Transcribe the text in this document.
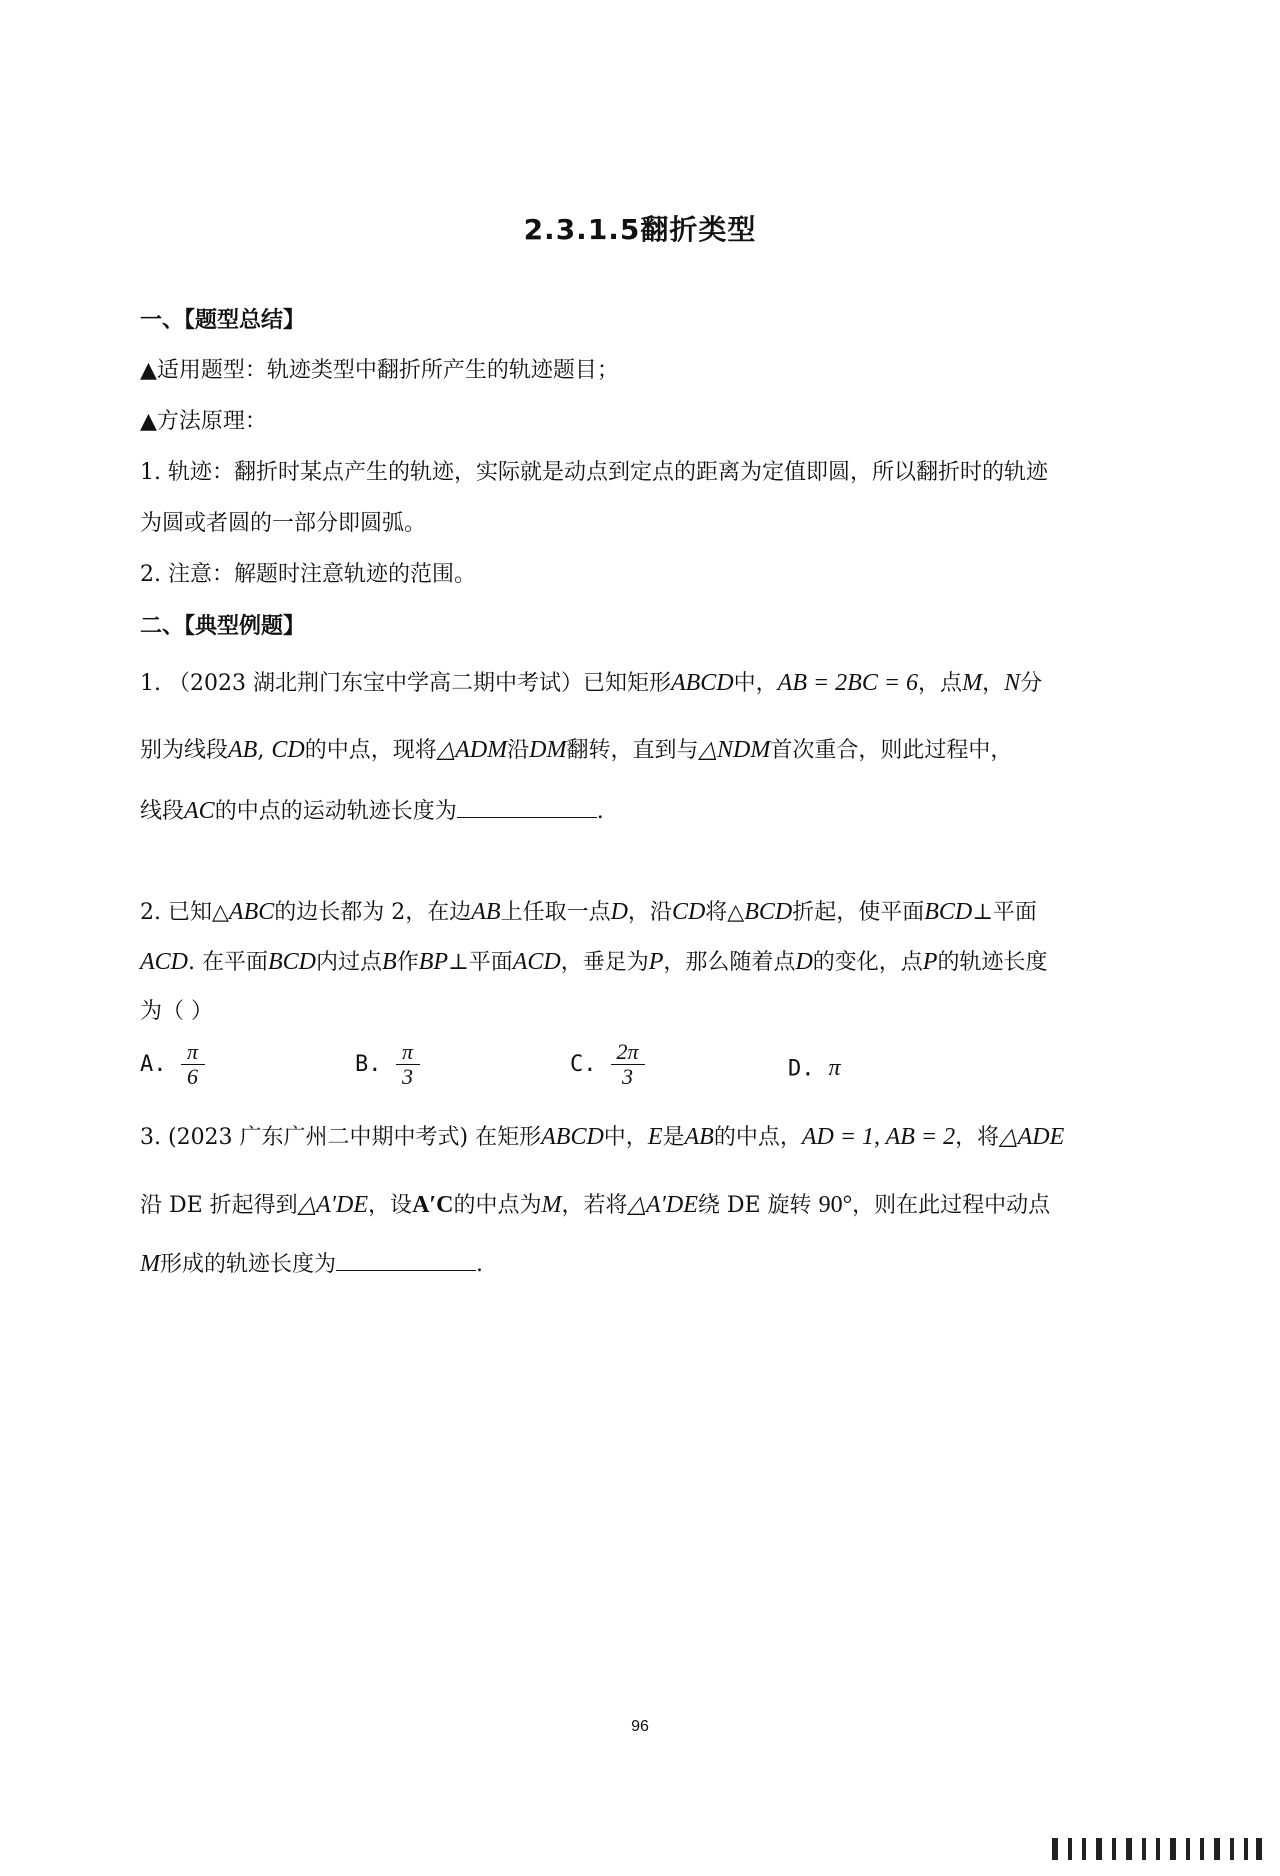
2.3.1.5翻折类型
一、【题型总结】
▲适用题型：轨迹类型中翻折所产生的轨迹题目；
▲方法原理：
1. 轨迹：翻折时某点产生的轨迹，实际就是动点到定点的距离为定值即圆，所以翻折时的轨迹
为圆或者圆的一部分即圆弧。
2. 注意：解题时注意轨迹的范围。
二、【典型例题】
1. （2023 湖北荆门东宝中学高二期中考试）已知矩形ABCD中，AB = 2BC = 6，点M，N分
别为线段AB, CD的中点，现将△ADM沿DM翻转，直到与△NDM首次重合，则此过程中，
线段AC的中点的运动轨迹长度为	.
2. 已知△ABC的边长都为 2，在边AB上任取一点D，沿CD将△BCD折起，使平面BCD⊥平面
ACD. 在平面BCD内过点B作BP⊥平面ACD，垂足为P，那么随着点D的变化，点P的轨迹长度
为（ ）
A. $\frac{\pi}{6}$	B. $\frac{\pi}{3}$	C. $\frac{2\pi}{3}$	D. π
3. (2023 广东广州二中期中考式) 在矩形ABCD中，E是AB的中点，AD = 1, AB = 2，将△ADE
沿 DE 折起得到△A′DE，设A′C的中点为M，若将△A′DE绕 DE 旋转 90°，则在此过程中动点
M形成的轨迹长度为	.
96
